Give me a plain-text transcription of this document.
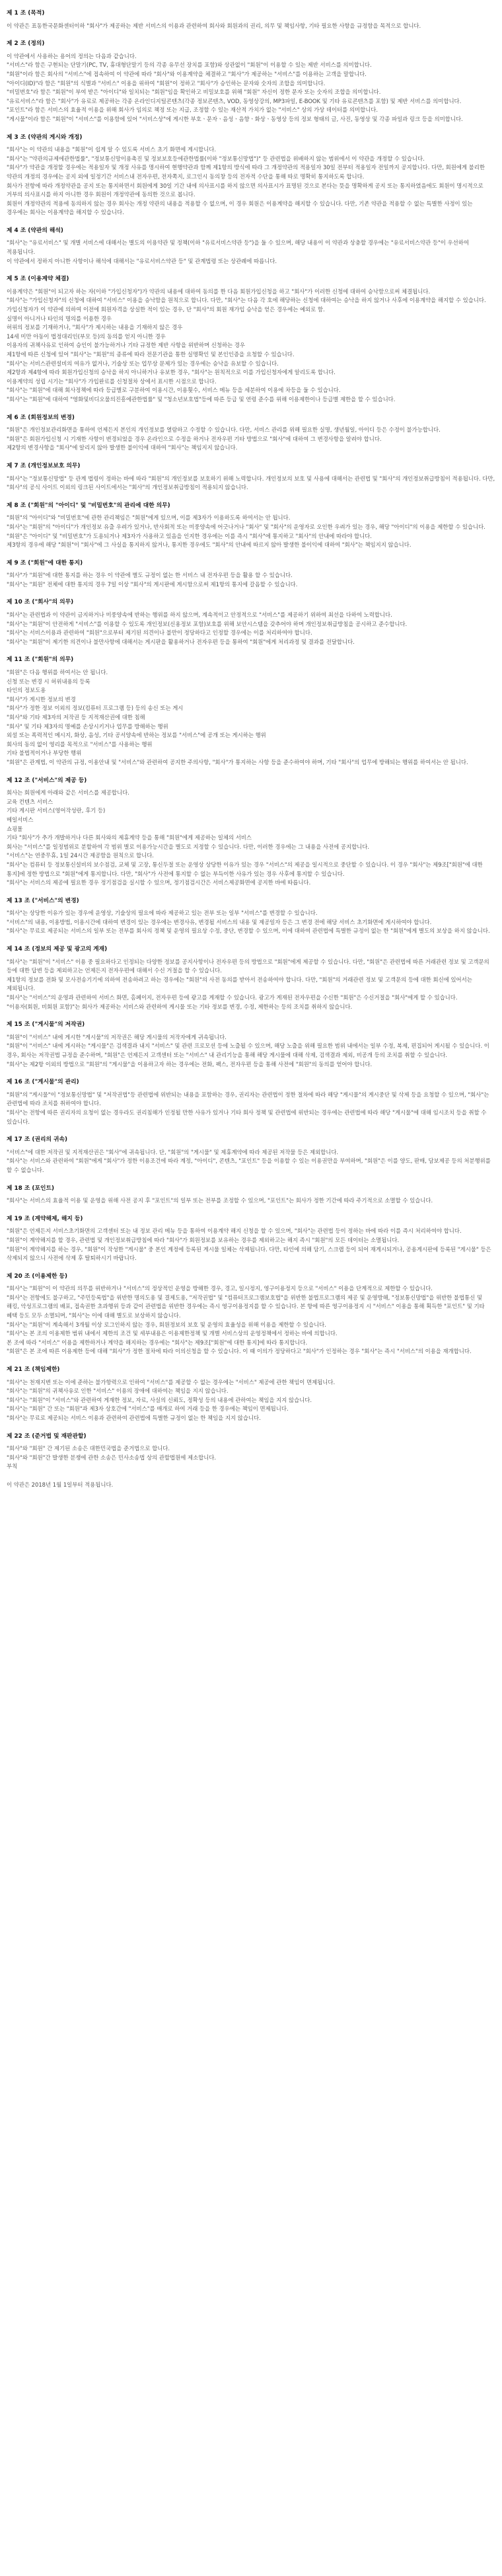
제 1 조 (목적)

이 약관은 표동한국문화센터이하 "회사"가 제공하는 제반 서비스의 이용과 관련하여 회사와 회원과의 권리, 의무 및 책임사항, 기타 필요한 사항을 규정함을 목적으로 합니다.

제 2 조 (정의)

이 약관에서 사용하는 용어의 정의는 다음과 같습니다.
"서비스"라 함은 구현되는 단말기(PC, TV, 휴대형단말기 등의 각종 유무선 장치를 포함)와 상관없이 "회원"이 이용할 수 있는 제반 서비스를 의미합니다.
"회원"이라 함은 회사의 "서비스"에 접속하여 이 약관에 따라 "회사"와 이용계약을 체결하고 "회사"가 제공하는 "서비스"를 이용하는 고객을 말합니다.
"아이디(ID)"라 함은 "회원"의 식별과 "서비스" 이용을 위하여 "회원"이 정하고 "회사"가 승인하는 문자와 숫자의 조합을 의미합니다.
"비밀번호"라 함은 "회원"이 부여 받은 "아이디"와 일치되는 "회원"임을 확인하고 비밀보호를 위해 "회원" 자신이 정한 문자 또는 숫자의 조합을 의미합니다.
"유료서비스"라 함은 "회사"가 유료로 제공하는 각종 온라인디지털콘텐츠(각종 정보콘텐츠, VOD, 동영상강의, MP3파일, E-BOOK 및 기타 유료콘텐츠를 포함) 및 제반 서비스를 의미합니다.
"포인트"라 함은 서비스의 효율적 이용을 위해 회사가 임의로 책정 또는 지급, 조정할 수 있는 재산적 가치가 없는 "서비스" 상의 가상 데이터를 의미합니다.
"게시물"이라 함은 "회원"이 "서비스"를 이용함에 있어 "서비스상"에 게시한 부호ㆍ문자ㆍ음성ㆍ음향ㆍ화상ㆍ동영상 등의 정보 형태의 글, 사진, 동영상 및 각종 파일과 링크 등을 의미합니다.

제 3 조 (약관의 게시와 개정)

"회사"는 이 약관의 내용을 "회원"이 쉽게 알 수 있도록 서비스 초기 화면에 게시합니다.
"회사"는 "약관의규제에관한법률", "정보통신망이용촉진 및 정보보호등에관한법률(이하 "정보통신망법")" 등 관련법을 위배하지 않는 범위에서 이 약관을 개정할 수 있습니다.
"회사"가 약관을 개정할 경우에는 적용일자 및 개정 사유를 명시하여 현행약관과 함께 제1항의 방식에 따라 그 개정약관의 적용일자 30일 전부터 적용일자 전일까지 공지합니다. 다만, 회원에게 불리한 약관의 개정의 경우에는 공지 외에 일정기간 서비스내 전자우편, 전자쪽지, 로그인시 동의창 등의 전자적 수단을 통해 따로 명확히 통지하도록 합니다.
회사가 전항에 따라 개정약관을 공지 또는 통지하면서 회원에게 30일 기간 내에 의사표시를 하지 않으면 의사표시가 표명된 것으로 본다는 뜻을 명확하게 공지 또는 통지하였음에도 회원이 명시적으로 거부의 의사표시를 하지 아니한 경우 회원이 개정약관에 동의한 것으로 봅니다.
회원이 개정약관의 적용에 동의하지 않는 경우 회사는 개정 약관의 내용을 적용할 수 없으며, 이 경우 회원은 이용계약을 해지할 수 있습니다. 다만, 기존 약관을 적용할 수 없는 특별한 사정이 있는 경우에는 회사는 이용계약을 해지할 수 있습니다.

제 4 조 (약관의 해석)

"회사"는 "유료서비스" 및 개별 서비스에 대해서는 별도의 이용약관 및 정책(이하 "유료서비스약관 등")을 둘 수 있으며, 해당 내용이 이 약관과 상충할 경우에는 "유료서비스약관 등"이 우선하여 적용됩니다.
이 약관에서 정하지 아니한 사항이나 해석에 대해서는 "유료서비스약관 등" 및 관계법령 또는 상관례에 따릅니다.

제 5 조 (이용계약 체결)

이용계약은 "회원"이 되고자 하는 자(이하 "가입신청자")가 약관의 내용에 대하여 동의를 한 다음 회원가입신청을 하고 "회사"가 이러한 신청에 대하여 승낙함으로써 체결됩니다.
"회사"는 "가입신청자"의 신청에 대하여 "서비스" 이용을 승낙함을 원칙으로 합니다. 다만, "회사"는 다음 각 호에 해당하는 신청에 대하여는 승낙을 하지 않거나 사후에 이용계약을 해지할 수 있습니다.
가입신청자가 이 약관에 의하여 이전에 회원자격을 상실한 적이 있는 경우, 단 "회사"의 회원 재가입 승낙을 얻은 경우에는 예외로 함.
실명이 아니거나 타인의 명의를 이용한 경우
허위의 정보를 기재하거나, "회사"가 제시하는 내용을 기재하지 않은 경우
14세 미만 아동이 법정대리인(부모 등)의 동의를 얻지 아니한 경우
이용자의 귀책사유로 인하여 승인이 불가능하거나 기타 규정한 제반 사항을 위반하며 신청하는 경우
제1항에 따른 신청에 있어 "회사"는 "회원"의 종류에 따라 전문기관을 통한 실명확인 및 본인인증을 요청할 수 있습니다.
"회사"는 서비스관련설비의 여유가 없거나, 기술상 또는 업무상 문제가 있는 경우에는 승낙을 유보할 수 있습니다.
제2항과 제4항에 따라 회원가입신청의 승낙을 하지 아니하거나 유보한 경우, "회사"는 원칙적으로 이를 가입신청자에게 알리도록 합니다.
이용계약의 성립 시기는 "회사"가 가입완료를 신청절차 상에서 표시한 시점으로 합니다.
"회사"는 "회원"에 대해 회사정책에 따라 등급별로 구분하여 이용시간, 이용횟수, 서비스 메뉴 등을 세분하여 이용에 차등을 둘 수 있습니다.
"회사"는 "회원"에 대하여 "영화및비디오물의진흥에관한법률" 및 "청소년보호법"등에 따른 등급 및 연령 준수를 위해 이용제한이나 등급별 제한을 할 수 있습니다.

제 6 조 (회원정보의 변경)

"회원"은 개인정보관리화면을 통하여 언제든지 본인의 개인정보를 열람하고 수정할 수 있습니다. 다만, 서비스 관리를 위해 필요한 실명, 생년월일, 아이디 등은 수정이 불가능합니다.
"회원"은 회원가입신청 시 기재한 사항이 변경되었을 경우 온라인으로 수정을 하거나 전자우편 기타 방법으로 "회사"에 대하여 그 변경사항을 알려야 합니다.
제2항의 변경사항을 "회사"에 알리지 않아 발생한 불이익에 대하여 "회사"는 책임지지 않습니다.

제 7 조 (개인정보보호 의무)

"회사"는 "정보통신망법" 등 관계 법령이 정하는 바에 따라 "회원"의 개인정보를 보호하기 위해 노력합니다. 개인정보의 보호 및 사용에 대해서는 관련법 및 "회사"의 개인정보취급방침이 적용됩니다. 다만, "회사"의 공식 사이트 이외의 링크된 사이트에서는 "회사"의 개인정보취급방침이 적용되지 않습니다.

제 8 조 ("회원"의 "아이디" 및 "비밀번호"의 관리에 대한 의무)

"회원"의 "아이디"와 "비밀번호"에 관한 관리책임은 "회원"에게 있으며, 이를 제3자가 이용하도록 하여서는 안 됩니다.
"회사"는 "회원"의 "아이디"가 개인정보 유출 우려가 있거나, 반사회적 또는 미풍양속에 어긋나거나 "회사" 및 "회사"의 운영자로 오인한 우려가 있는 경우, 해당 "아이디"의 이용을 제한할 수 있습니다.
"회원"은 "아이디" 및 "비밀번호"가 도용되거나 제3자가 사용하고 있음을 인지한 경우에는 이를 즉시 "회사"에 통지하고 "회사"의 안내에 따라야 합니다.
제3항의 경우에 해당 "회원"이 "회사"에 그 사실을 통지하지 않거나, 통지한 경우에도 "회사"의 안내에 따르지 않아 발생한 불이익에 대하여 "회사"는 책임지지 않습니다.

제 9 조 ("회원"에 대한 통지)

"회사"가 "회원"에 대한 통지를 하는 경우 이 약관에 별도 규정이 없는 한 서비스 내 전자우편 등을 활용 할 수 있습니다.
"회사"는 "회원" 전체에 대한 통지의 경우 7일 이상 "회사"의 게시판에 게시함으로써 제1항의 통지에 갈음할 수 있습니다.

제 10 조 ("회사"의 의무)

"회사"는 관련법과 이 약관이 금지하거나 미풍양속에 반하는 행위를 하지 않으며, 계속적이고 안정적으로 "서비스"를 제공하기 위하여 최선을 다하여 노력합니다.
"회사"는 "회원"이 안전하게 "서비스"를 이용할 수 있도록 개인정보(신용정보 포함)보호를 위해 보안시스템을 갖추어야 하며 개인정보취급방침을 공시하고 준수합니다.
"회사"는 서비스이용과 관련하여 "회원"으로부터 제기된 의견이나 불만이 정당하다고 인정할 경우에는 이를 처리하여야 합니다.
"회사"는 "회원"이 제기한 의견이나 불만사항에 대해서는 게시판을 활용하거나 전자우편 등을 통하여 "회원"에게 처리과정 및 결과를 전달합니다.

제 11 조 ("회원"의 의무)

"회원"은 다음 행위를 하여서는 안 됩니다.
신청 또는 변경 시 허위내용의 등록
타인의 정보도용
"회사"가 게시한 정보의 변경
"회사"가 정한 정보 이외의 정보(컴퓨터 프로그램 등) 등의 송신 또는 게시
"회사"와 기타 제3자의 저작권 등 지적재산권에 대한 침해
"회사" 및 기타 제3자의 명예를 손상시키거나 업무를 방해하는 행위
외설 또는 폭력적인 메시지, 화상, 음성, 기타 공서양속에 반하는 정보를 "서비스"에 공개 또는 게시하는 행위
회사의 동의 없이 영리를 목적으로 "서비스"를 사용하는 행위
기타 불법적이거나 부당한 행위
"회원"은 관계법, 이 약관의 규정, 이용안내 및 "서비스"와 관련하여 공지한 주의사항, "회사"가 통지하는 사항 등을 준수하여야 하며, 기타 "회사"의 업무에 방해되는 행위를 하여서는 안 됩니다.

제 12 조 ("서비스"의 제공 등)

회사는 회원에게 아래와 같은 서비스를 제공합니다.
교육 컨텐츠 서비스
기타 게시판 서비스(영어작성란, 후기 등)
메일서비스
쇼핑몰
기타 "회사"가 추가 개발하거나 다른 회사와의 제휴계약 등을 통해 "회원"에게 제공하는 일체의 서비스
회사는 "서비스"를 일정범위로 분할하여 각 범위 별로 이용가능시간을 별도로 지정할 수 있습니다. 다만, 이러한 경우에는 그 내용을 사전에 공지합니다.
"서비스"는 연중무휴, 1일 24시간 제공함을 원칙으로 합니다.
"회사"는 컴퓨터 등 정보통신설비의 보수점검, 교체 및 고장, 통신두절 또는 운영상 상당한 이유가 있는 경우 "서비스"의 제공을 일시적으로 중단할 수 있습니다. 이 경우 "회사"는 제9조["회원"에 대한 통지]에 정한 방법으로 "회원"에게 통지합니다. 다만, "회사"가 사전에 통지할 수 없는 부득이한 사유가 있는 경우 사후에 통지할 수 있습니다.
"회사"는 서비스의 제공에 필요한 경우 정기점검을 실시할 수 있으며, 정기점검시간은 서비스제공화면에 공지한 바에 따릅니다.

제 13 조 ("서비스"의 변경)

"회사"는 상당한 이유가 있는 경우에 운영상, 기술상의 필요에 따라 제공하고 있는 전부 또는 일부 "서비스"를 변경할 수 있습니다.
"서비스"의 내용, 이용방법, 이용시간에 대하여 변경이 있는 경우에는 변경사유, 변경될 서비스의 내용 및 제공일자 등은 그 변경 전에 해당 서비스 초기화면에 게시하여야 합니다.
"회사"는 무료로 제공되는 서비스의 일부 또는 전부를 회사의 정책 및 운영의 필요상 수정, 중단, 변경할 수 있으며, 이에 대하여 관련법에 특별한 규정이 없는 한 "회원"에게 별도의 보상을 하지 않습니다.

제 14 조 (정보의 제공 및 광고의 게재)

"회사"는 "회원"이 "서비스" 이용 중 필요하다고 인정되는 다양한 정보를 공지사항이나 전자우편 등의 방법으로 "회원"에게 제공할 수 있습니다. 다만, "회원"은 관련법에 따른 거래관련 정보 및 고객문의 등에 대한 답변 등을 제외하고는 언제든지 전자우편에 대해서 수신 거절을 할 수 있습니다.
제1항의 정보를 전화 및 모사전송기기에 의하여 전송하려고 하는 경우에는 "회원"의 사전 동의를 받아서 전송하여야 합니다. 다만, "회원"의 거래관련 정보 및 고객문의 등에 대한 회신에 있어서는 제외됩니다.
"회사"는 "서비스"의 운영과 관련하여 서비스 화면, 홈페이지, 전자우편 등에 광고를 게재할 수 있습니다. 광고가 게재된 전자우편을 수신한 "회원"은 수신거절을 "회사"에게 할 수 있습니다.
"이용자(회원, 비회원 포함)"는 회사가 제공하는 서비스와 관련하여 게시물 또는 기타 정보를 변경, 수정, 제한하는 등의 조치를 취하지 않습니다.

제 15 조 ("게시물"의 저작권)

"회원"이 "서비스" 내에 게시한 "게시물"의 저작권은 해당 게시물의 저작자에게 귀속됩니다.
"회원"이 "서비스" 내에 게시하는 "게시물"은 검색결과 내지 "서비스" 및 관련 프로모션 등에 노출될 수 있으며, 해당 노출을 위해 필요한 범위 내에서는 일부 수정, 복제, 편집되어 게시될 수 있습니다. 이 경우, 회사는 저작권법 규정을 준수하며, "회원"은 언제든지 고객센터 또는 "서비스" 내 관리기능을 통해 해당 게시물에 대해 삭제, 검색결과 제외, 비공개 등의 조치를 취할 수 있습니다.
"회사"는 제2항 이외의 방법으로 "회원"의 "게시물"을 이용하고자 하는 경우에는 전화, 팩스, 전자우편 등을 통해 사전에 "회원"의 동의를 얻어야 합니다.

제 16 조 ("게시물"의 관리)

"회원"의 "게시물"이 "정보통신망법" 및 "저작권법"등 관련법에 위반되는 내용을 포함하는 경우, 권리자는 관련법이 정한 절차에 따라 해당 "게시물"의 게시중단 및 삭제 등을 요청할 수 있으며, "회사"는 관련법에 따라 조치를 취하여야 합니다.
"회사"는 전항에 따른 권리자의 요청이 없는 경우라도 권리침해가 인정될 만한 사유가 있거나 기타 회사 정책 및 관련법에 위반되는 경우에는 관련법에 따라 해당 "게시물"에 대해 임시조치 등을 취할 수 있습니다.

제 17 조 (권리의 귀속)

"서비스"에 대한 저작권 및 지적재산권은 "회사"에 귀속됩니다. 단, "회원"의 "게시물" 및 제휴계약에 따라 제공된 저작물 등은 제외합니다.
"회사"는 서비스와 관련하여 "회원"에게 "회사"가 정한 이용조건에 따라 계정, "아이디", 콘텐츠, "포인트" 등을 이용할 수 있는 이용권만을 부여하며, "회원"은 이를 양도, 판매, 담보제공 등의 처분행위를 할 수 없습니다.

제 18 조 (포인트)

"회사"는 서비스의 효율적 이용 및 운영을 위해 사전 공지 후 "포인트"의 일부 또는 전부를 조정할 수 있으며, "포인트"는 회사가 정한 기간에 따라 주기적으로 소멸할 수 있습니다.

제 19 조 (계약해제, 해지 등)

"회원"은 언제든지 서비스초기화면의 고객센터 또는 내 정보 관리 메뉴 등을 통하여 이용계약 해지 신청을 할 수 있으며, "회사"는 관련법 등이 정하는 바에 따라 이를 즉시 처리하여야 합니다.
"회원"이 계약해지를 할 경우, 관련법 및 개인정보취급방침에 따라 "회사"가 회원정보를 보유하는 경우를 제외하고는 해지 즉시 "회원"의 모든 데이터는 소멸됩니다.
"회원"이 계약해지를 하는 경우, "회원"이 작성한 "게시물" 중 본인 계정에 등록된 게시물 일체는 삭제됩니다. 다만, 타인에 의해 담기, 스크랩 등이 되어 재게시되거나, 공용게시판에 등록된 "게시물" 등은 삭제되지 않으니 사전에 삭제 후 탈퇴하시기 바랍니다.

제 20 조 (이용제한 등)

"회사"는 "회원"이 이 약관의 의무를 위반하거나 "서비스"의 정상적인 운영을 방해한 경우, 경고, 일시정지, 영구이용정지 등으로 "서비스" 이용을 단계적으로 제한할 수 있습니다.
"회사"는 전항에도 불구하고, "주민등록법"을 위반한 명의도용 및 결제도용, "저작권법" 및 "컴퓨터프로그램보호법"을 위반한 불법프로그램의 제공 및 운영방해, "정보통신망법"을 위반한 불법통신 및 해킹, 악성프로그램의 배포, 접속권한 초과행위 등과 같이 관련법을 위반한 경우에는 즉시 영구이용정지를 할 수 있습니다. 본 항에 따른 영구이용정지 시 "서비스" 이용을 통해 획득한 "포인트" 및 기타 혜택 등도 모두 소멸되며, "회사"는 이에 대해 별도로 보상하지 않습니다.
"회사"는 "회원"이 계속해서 3개월 이상 로그인하지 않는 경우, 회원정보의 보호 및 운영의 효율성을 위해 이용을 제한할 수 있습니다.
"회사"는 본 조의 이용제한 범위 내에서 제한의 조건 및 세부내용은 이용제한정책 및 개별 서비스상의 운영정책에서 정하는 바에 의합니다.
본 조에 따라 "서비스" 이용을 제한하거나 계약을 해지하는 경우에는 "회사"는 제9조["회원"에 대한 통지]에 따라 통지합니다.
"회원"은 본 조에 따른 이용제한 등에 대해 "회사"가 정한 절차에 따라 이의신청을 할 수 있습니다. 이 때 이의가 정당하다고 "회사"가 인정하는 경우 "회사"는 즉시 "서비스"의 이용을 재개합니다.

제 21 조 (책임제한)

"회사"는 천재지변 또는 이에 준하는 불가항력으로 인하여 "서비스"를 제공할 수 없는 경우에는 "서비스" 제공에 관한 책임이 면제됩니다.
"회사"는 "회원"의 귀책사유로 인한 "서비스" 이용의 장애에 대하여는 책임을 지지 않습니다.
"회사"는 "회원"이 "서비스"와 관련하여 게재한 정보, 자료, 사실의 신뢰도, 정확성 등의 내용에 관하여는 책임을 지지 않습니다.
"회사"는 "회원" 간 또는 "회원"과 제3자 상호간에 "서비스"를 매개로 하여 거래 등을 한 경우에는 책임이 면제됩니다.
"회사"는 무료로 제공되는 서비스 이용과 관련하여 관련법에 특별한 규정이 없는 한 책임을 지지 않습니다.

제 22 조 (준거법 및 재판관할)

"회사"와 "회원" 간 제기된 소송은 대한민국법을 준거법으로 합니다.
"회사"와 "회원"간 발생한 분쟁에 관한 소송은 민사소송법 상의 관할법원에 제소합니다.
부칙

이 약관은 2018년 1월 1일부터 적용됩니다.
